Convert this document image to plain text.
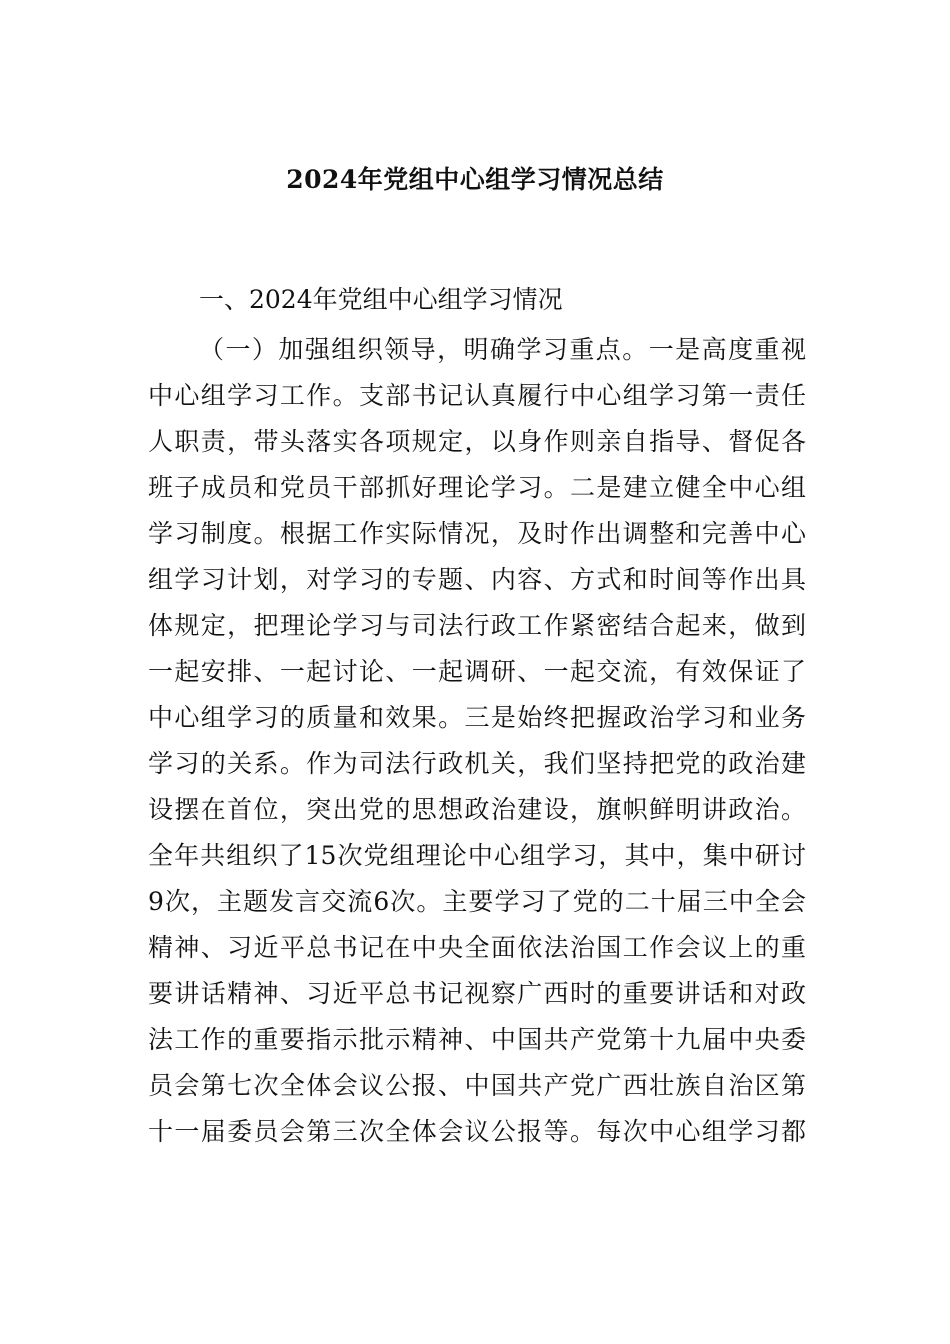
2024年党组中心组学习情况总结
一、2024年党组中心组学习情况
（一）加强组织领导，明确学习重点。一是高度重视
中心组学习工作。支部书记认真履行中心组学习第一责任
人职责，带头落实各项规定，以身作则亲自指导、督促各
班子成员和党员干部抓好理论学习。二是建立健全中心组
学习制度。根据工作实际情况，及时作出调整和完善中心
组学习计划，对学习的专题、内容、方式和时间等作出具
体规定，把理论学习与司法行政工作紧密结合起来，做到
一起安排、一起讨论、一起调研、一起交流，有效保证了
中心组学习的质量和效果。三是始终把握政治学习和业务
学习的关系。作为司法行政机关，我们坚持把党的政治建
设摆在首位，突出党的思想政治建设，旗帜鲜明讲政治。
全年共组织了15次党组理论中心组学习，其中，集中研讨
9次，主题发言交流6次。主要学习了党的二十届三中全会
精神、习近平总书记在中央全面依法治国工作会议上的重
要讲话精神、习近平总书记视察广西时的重要讲话和对政
法工作的重要指示批示精神、中国共产党第十九届中央委
员会第七次全体会议公报、中国共产党广西壮族自治区第
十一届委员会第三次全体会议公报等。每次中心组学习都
